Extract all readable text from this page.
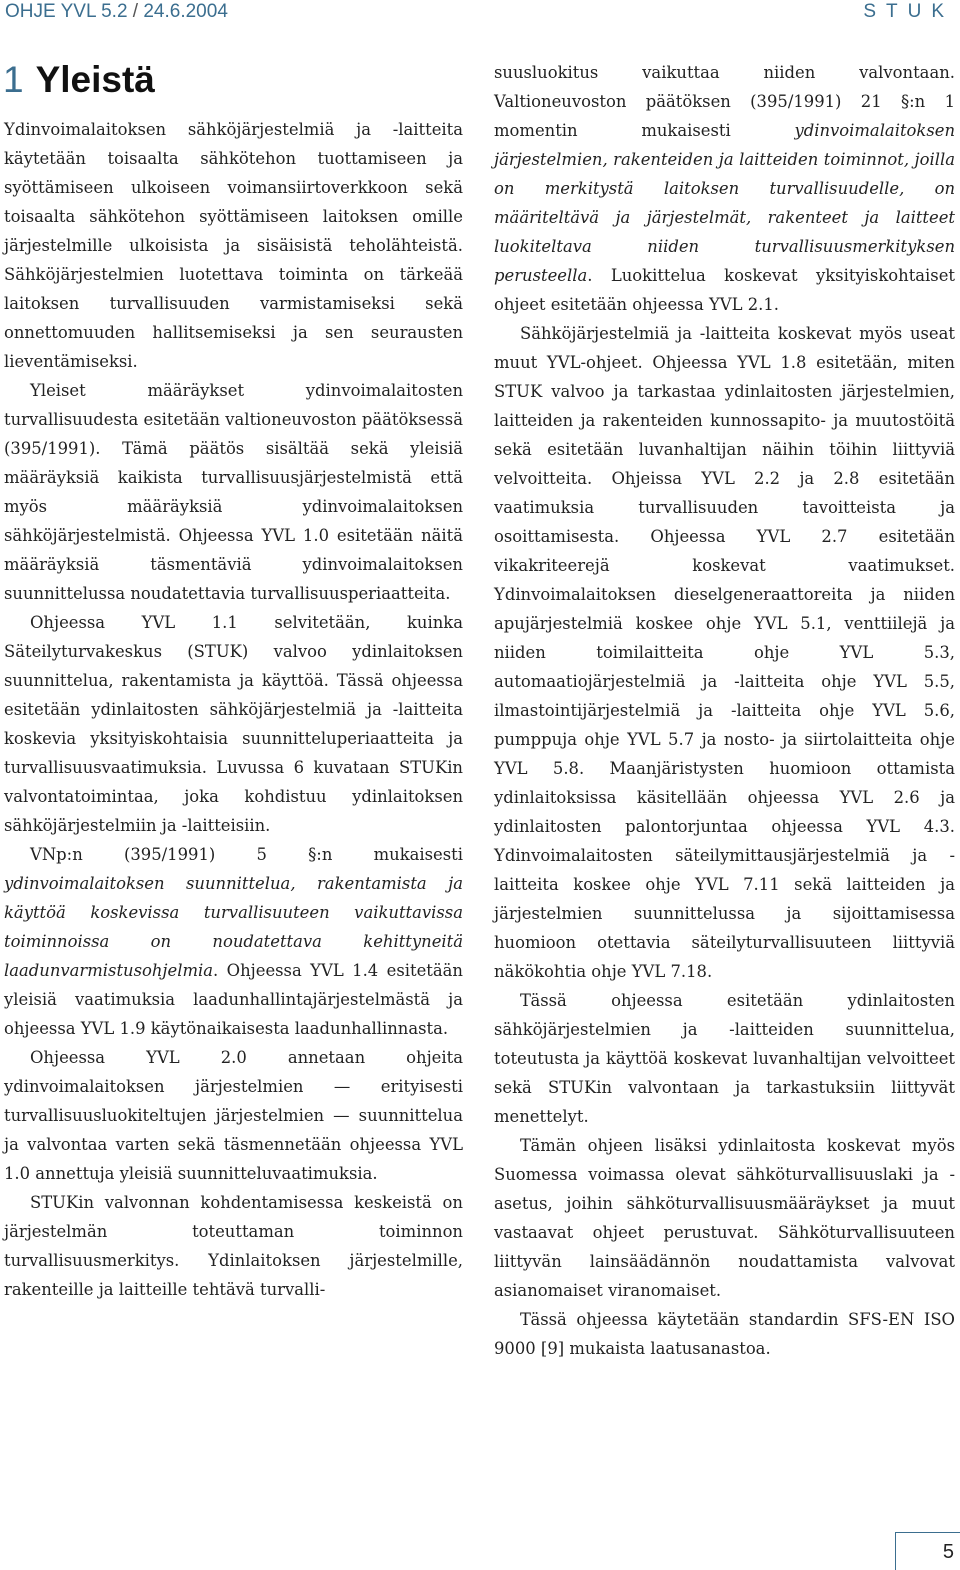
OHJE YVL 5.2 / 24.6.2004	STUK
1 Yleistä

Ydinvoimalaitoksen sähköjärjestelmiä ja -laitteita käytetään toisaalta sähkötehon tuottamiseen ja syöttämiseen ulkoiseen voimansiirtoverkkoon sekä toisaalta sähkötehon syöttämiseen laitoksen omille järjestelmille ulkoisista ja sisäisistä teholähteistä. Sähköjärjestelmien luotettava toiminta on tärkeää laitoksen turvallisuuden varmistamiseksi sekä onnettomuuden hallitsemiseksi ja sen seurausten lieventämiseksi.

Yleiset määräykset ydinvoimalaitosten turvallisuudesta esitetään valtioneuvoston päätöksessä (395/1991). Tämä päätös sisältää sekä yleisiä määräyksiä kaikista turvallisuusjärjestelmistä että myös määräyksiä ydinvoimalaitoksen sähköjärjestelmistä. Ohjeessa YVL 1.0 esitetään näitä määräyksiä täsmentäviä ydinvoimalaitoksen suunnittelussa noudatettavia turvallisuusperiaatteita.

Ohjeessa YVL 1.1 selvitetään, kuinka Säteilyturvakeskus (STUK) valvoo ydinlaitoksen suunnittelua, rakentamista ja käyttöä. Tässä ohjeessa esitetään ydinlaitosten sähköjärjestelmiä ja -laitteita koskevia yksityiskohtaisia suunnitteluperiaatteita ja turvallisuusvaatimuksia. Luvussa 6 kuvataan STUKin valvontatoimintaa, joka kohdistuu ydinlaitoksen sähköjärjestelmiin ja -laitteisiin.

VNp:n (395/1991) 5 §:n mukaisesti ydinvoimalaitoksen suunnittelua, rakentamista ja käyttöä koskevissa turvallisuuteen vaikuttavissa toiminnoissa on noudatettava kehittyneitä laadunvarmistusohjelmia. Ohjeessa YVL 1.4 esitetään yleisiä vaatimuksia laadunhallintajärjestelmästä ja ohjeessa YVL 1.9 käytönaikaisesta laadunhallinnasta.

Ohjeessa YVL 2.0 annetaan ohjeita ydinvoimalaitoksen järjestelmien — erityisesti turvallisuusluokiteltujen järjestelmien — suunnittelua ja valvontaa varten sekä täsmennetään ohjeessa YVL 1.0 annettuja yleisiä suunnitteluvaatimuksia.

STUKin valvonnan kohdentamisessa keskeistä on järjestelmän toteuttaman toiminnon turvallisuusmerkitys. Ydinlaitoksen järjestelmille, rakenteille ja laitteille tehtävä turvalli-

suusluokitus vaikuttaa niiden valvontaan. Valtioneuvoston päätöksen (395/1991) 21 §:n 1 momentin mukaisesti ydinvoimalaitoksen järjestelmien, rakenteiden ja laitteiden toiminnot, joilla on merkitystä laitoksen turvallisuudelle, on määriteltävä ja järjestelmät, rakenteet ja laitteet luokiteltava niiden turvallisuusmerkityksen perusteella. Luokittelua koskevat yksityiskohtaiset ohjeet esitetään ohjeessa YVL 2.1.

Sähköjärjestelmiä ja -laitteita koskevat myös useat muut YVL-ohjeet. Ohjeessa YVL 1.8 esitetään, miten STUK valvoo ja tarkastaa ydinlaitosten järjestelmien, laitteiden ja rakenteiden kunnossapito- ja muutostöitä sekä esitetään luvanhaltijan näihin töihin liittyviä velvoitteita. Ohjeissa YVL 2.2 ja 2.8 esitetään vaatimuksia turvallisuuden tavoitteista ja osoittamisesta. Ohjeessa YVL 2.7 esitetään vikakriteerejä koskevat vaatimukset. Ydinvoimalaitoksen dieselgeneraattoreita ja niiden apujärjestelmiä koskee ohje YVL 5.1, venttiilejä ja niiden toimilaitteita ohje YVL 5.3, automaatiojärjestelmiä ja -laitteita ohje YVL 5.5, ilmastointijärjestelmiä ja -laitteita ohje YVL 5.6, pumppuja ohje YVL 5.7 ja nosto- ja siirtolaitteita ohje YVL 5.8. Maanjäristysten huomioon ottamista ydinlaitoksissa käsitellään ohjeessa YVL 2.6 ja ydinlaitosten palontorjuntaa ohjeessa YVL 4.3. Ydinvoimalaitosten säteilymittausjärjestelmiä ja -laitteita koskee ohje YVL 7.11 sekä laitteiden ja järjestelmien suunnittelussa ja sijoittamisessa huomioon otettavia säteilyturvallisuuteen liittyviä näkökohtia ohje YVL 7.18.

Tässä ohjeessa esitetään ydinlaitosten sähköjärjestelmien ja -laitteiden suunnittelua, toteutusta ja käyttöä koskevat luvanhaltijan velvoitteet sekä STUKin valvontaan ja tarkastuksiin liittyvät menettelyt.

Tämän ohjeen lisäksi ydinlaitosta koskevat myös Suomessa voimassa olevat sähköturvallisuuslaki ja -asetus, joihin sähköturvallisuusmääräykset ja muut vastaavat ohjeet perustuvat. Sähköturvallisuuteen liittyvän lainsäädännön noudattamista valvovat asianomaiset viranomaiset.

Tässä ohjeessa käytetään standardin SFS-EN ISO 9000 [9] mukaista laatusanastoa.

5
